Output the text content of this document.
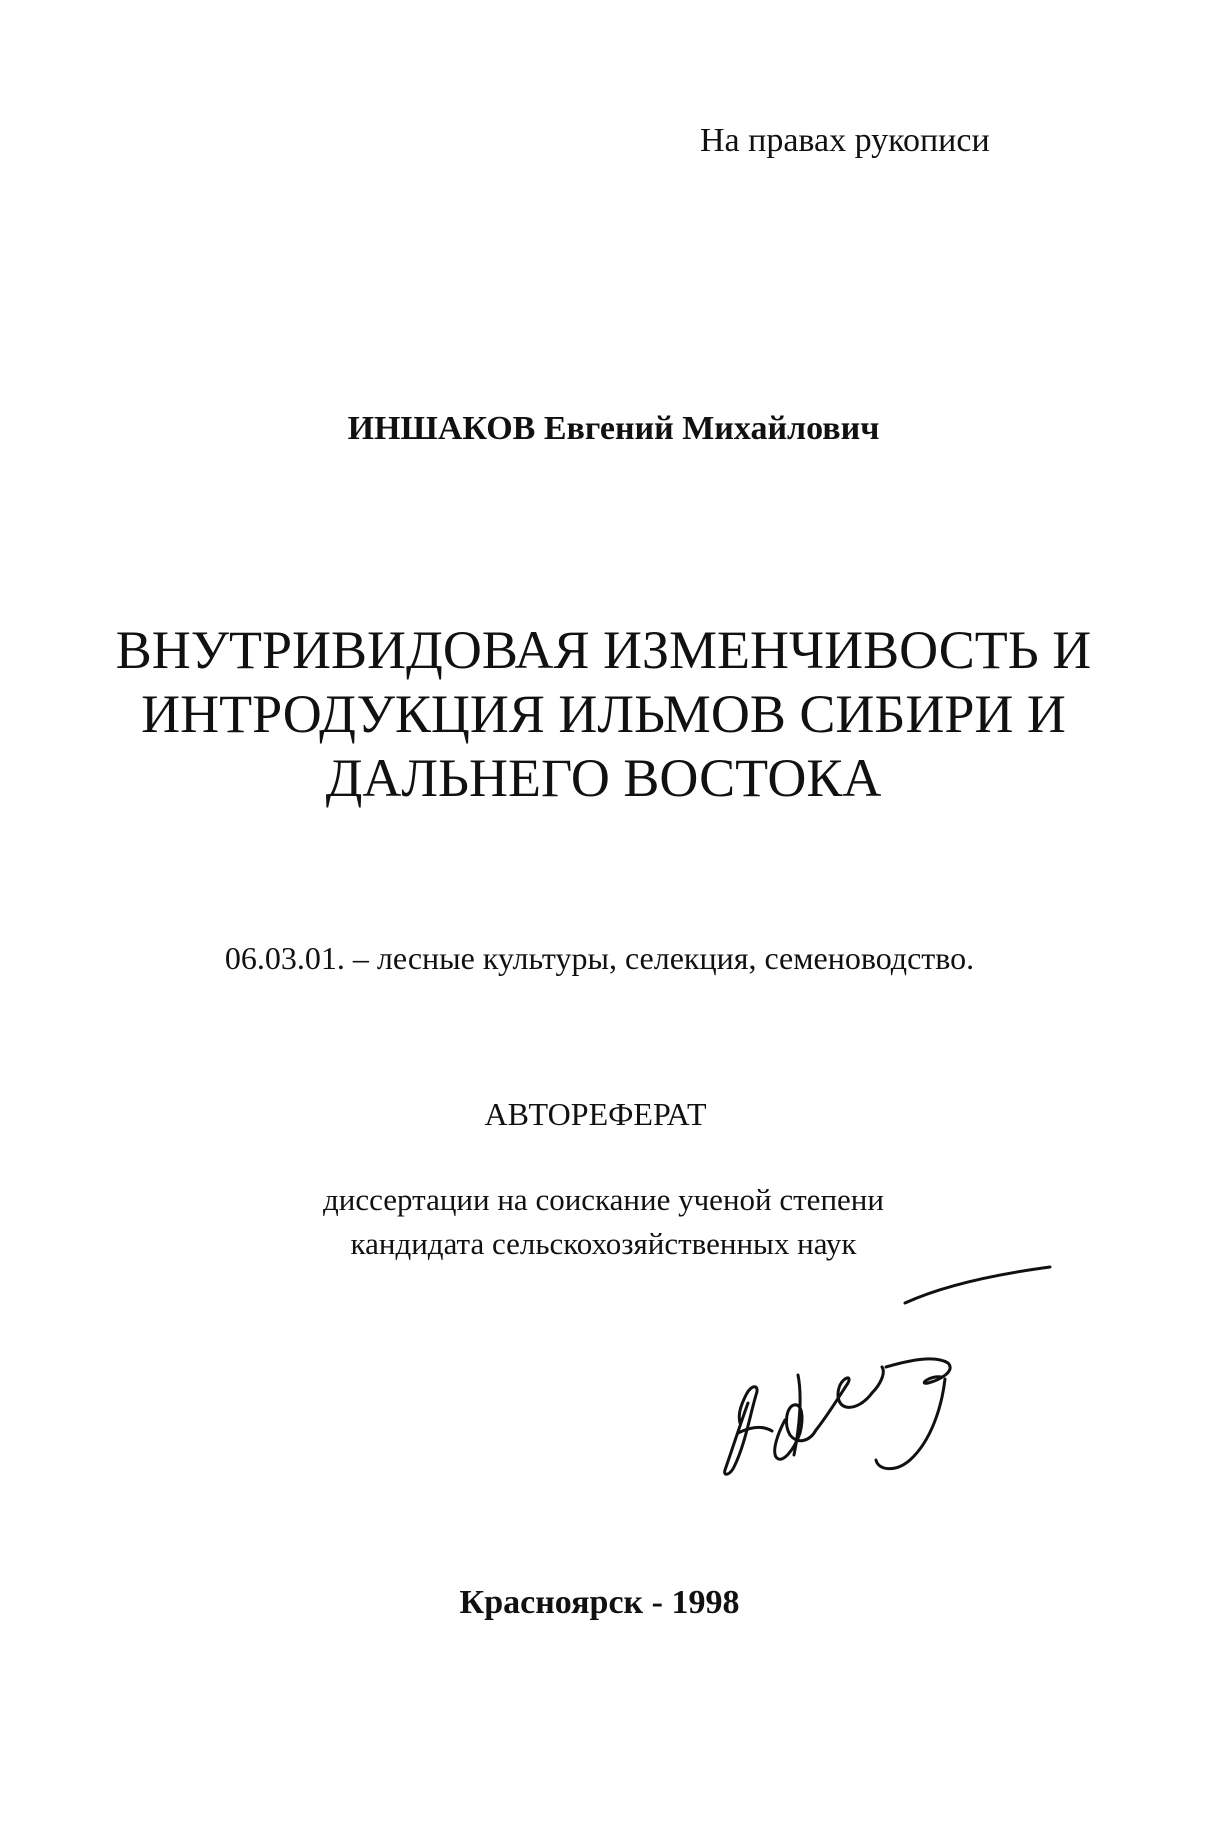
На правах рукописи
ИНШАКОВ Евгений Михайлович
ВНУТРИВИДОВАЯ ИЗМЕНЧИВОСТЬ И
ИНТРОДУКЦИЯ ИЛЬМОВ СИБИРИ И
ДАЛЬНЕГО ВОСТОКА
06.03.01. – лесные культуры, селекция, семеноводство.
АВТОРЕФЕРАТ
диссертации на соискание ученой степени
кандидата сельскохозяйственных наук
Красноярск - 1998
